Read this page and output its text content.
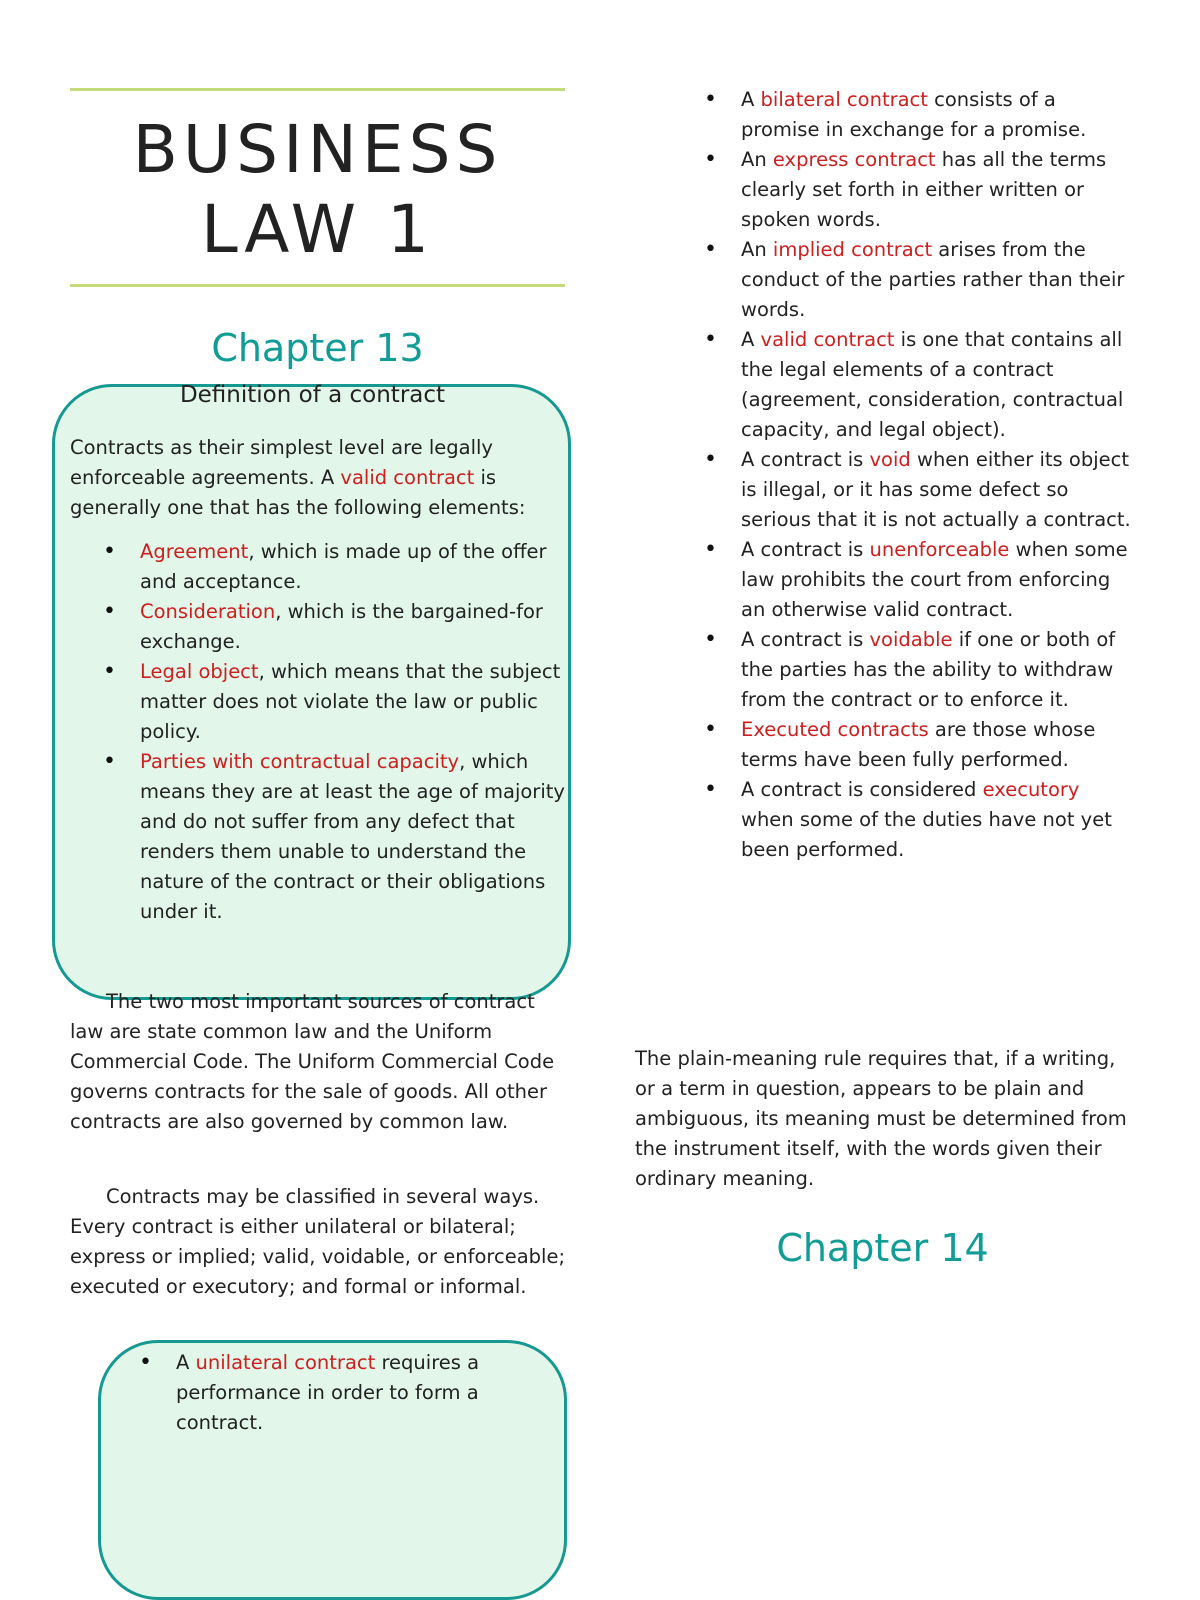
BUSINESS
LAW 1
Chapter 13
Definition of a contract
Contracts as their simplest level are legally enforceable agreements. A valid contract is generally one that has the following elements:
• Agreement, which is made up of the offer and acceptance.
• Consideration, which is the bargained-for exchange.
• Legal object, which means that the subject matter does not violate the law or public policy.
• Parties with contractual capacity, which means they are at least the age of majority and do not suffer from any defect that renders them unable to understand the nature of the contract or their obligations under it.
The two most important sources of contract law are state common law and the Uniform Commercial Code. The Uniform Commercial Code governs contracts for the sale of goods. All other contracts are also governed by common law.
Contracts may be classified in several ways. Every contract is either unilateral or bilateral; express or implied; valid, voidable, or enforceable; executed or executory; and formal or informal.
• A unilateral contract requires a performance in order to form a contract.
• A bilateral contract consists of a promise in exchange for a promise.
• An express contract has all the terms clearly set forth in either written or spoken words.
• An implied contract arises from the conduct of the parties rather than their words.
• A valid contract is one that contains all the legal elements of a contract (agreement, consideration, contractual capacity, and legal object).
• A contract is void when either its object is illegal, or it has some defect so serious that it is not actually a contract.
• A contract is unenforceable when some law prohibits the court from enforcing an otherwise valid contract.
• A contract is voidable if one or both of the parties has the ability to withdraw from the contract or to enforce it.
• Executed contracts are those whose terms have been fully performed.
• A contract is considered executory when some of the duties have not yet been performed.
The plain-meaning rule requires that, if a writing, or a term in question, appears to be plain and ambiguous, its meaning must be determined from the instrument itself, with the words given their ordinary meaning.
Chapter 14
